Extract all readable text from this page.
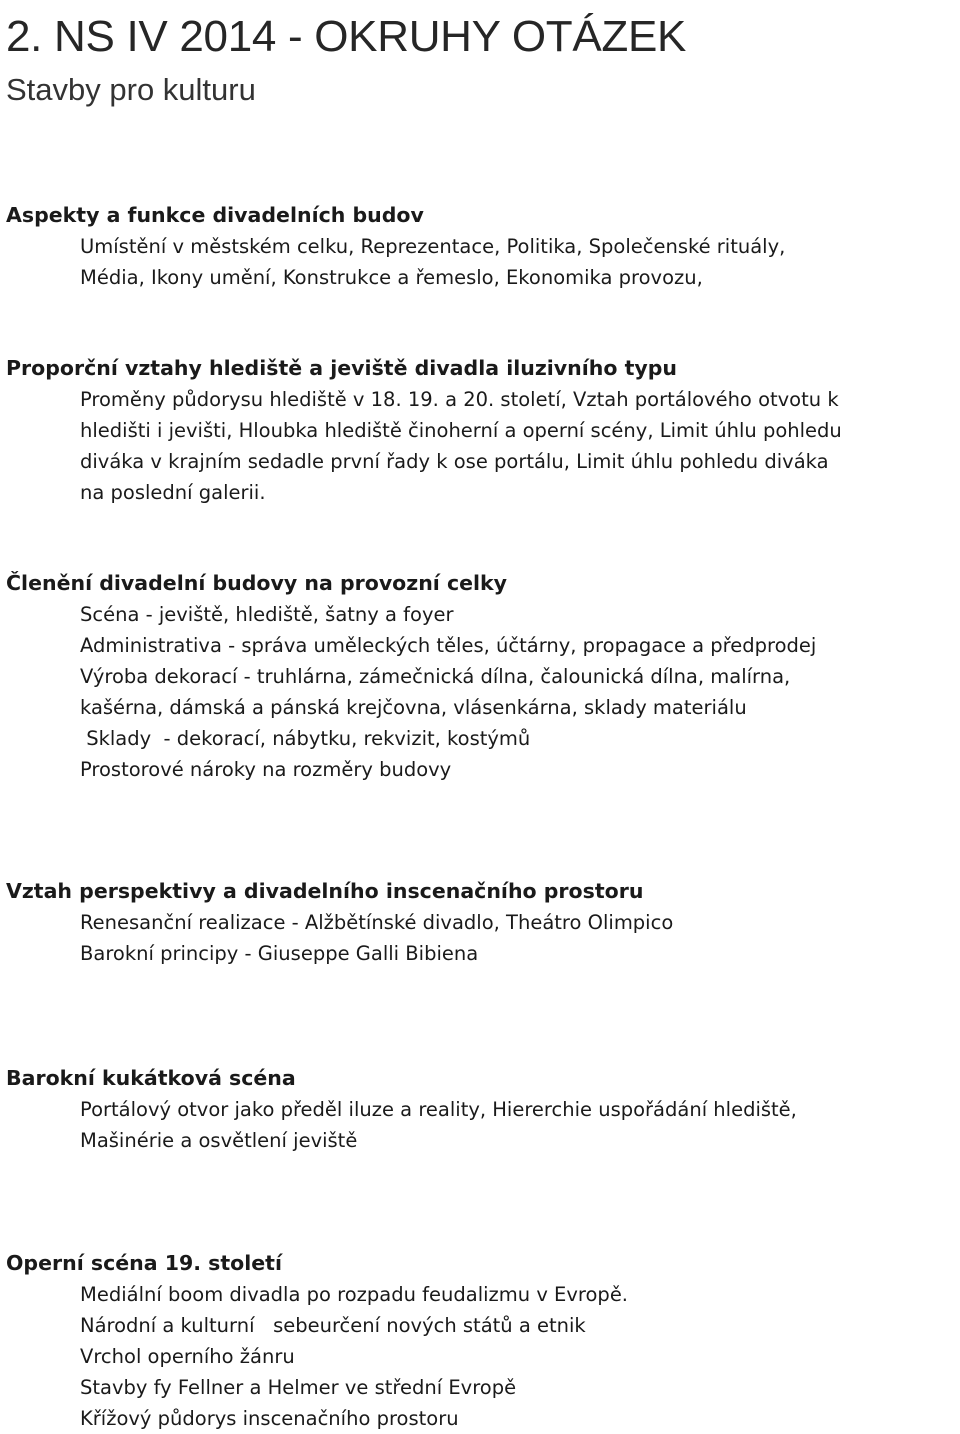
2. NS IV 2014 - OKRUHY OTÁZEK
Stavby pro kulturu
Aspekty a funkce divadelních budov
Umístění v městském celku, Reprezentace, Politika, Společenské rituály,
Média, Ikony umění, Konstrukce a řemeslo, Ekonomika provozu,
Proporční vztahy hlediště a jeviště divadla iluzivního typu
Proměny půdorysu hlediště v 18. 19. a 20. století, Vztah portálového otvotu k
hledišti i jevišti, Hloubka hlediště činoherní a operní scény, Limit úhlu pohledu
diváka v krajním sedadle první řady k ose portálu, Limit úhlu pohledu diváka
na poslední galerii.
Členění divadelní budovy na provozní celky
Scéna - jeviště, hlediště, šatny a foyer
Administrativa - správa uměleckých těles, účtárny, propagace a předprodej
Výroba dekorací - truhlárna, zámečnická dílna, čalounická dílna, malírna,
kašérna, dámská a pánská krejčovna, vlásenkárna, sklady materiálu
Sklady  - dekorací, nábytku, rekvizit, kostýmů
Prostorové nároky na rozměry budovy
Vztah perspektivy a divadelního inscenačního prostoru
Renesanční realizace - Alžbětínské divadlo, Theátro Olimpico
Barokní principy - Giuseppe Galli Bibiena
Barokní kukátková scéna
Portálový otvor jako předěl iluze a reality, Hiererchie uspořádání hlediště,
Mašinérie a osvětlení jeviště
Operní scéna 19. století
Mediální boom divadla po rozpadu feudalizmu v Evropě.
Národní a kulturní   sebeurčení nových států a etnik
Vrchol operního žánru
Stavby fy Fellner a Helmer ve střední Evropě
Křížový půdorys inscenačního prostoru
